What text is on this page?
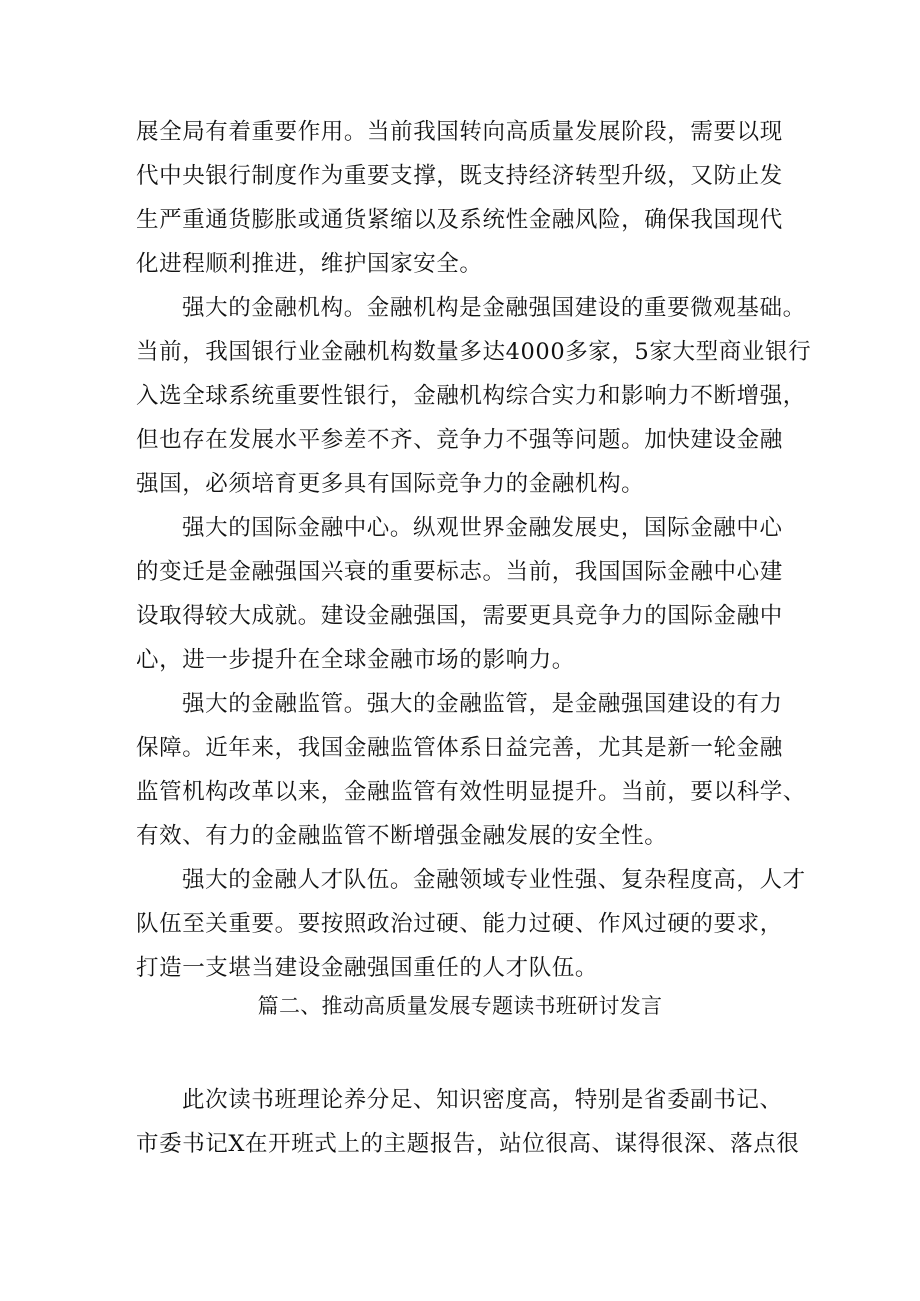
展全局有着重要作用。当前我国转向高质量发展阶段，需要以现
代中央银行制度作为重要支撑，既支持经济转型升级，又防止发
生严重通货膨胀或通货紧缩以及系统性金融风险，确保我国现代
化进程顺利推进，维护国家安全。
强大的金融机构。金融机构是金融强国建设的重要微观基础。
当前，我国银行业金融机构数量多达4000多家，5家大型商业银行
入选全球系统重要性银行，金融机构综合实力和影响力不断增强，
但也存在发展水平参差不齐、竞争力不强等问题。加快建设金融
强国，必须培育更多具有国际竞争力的金融机构。
强大的国际金融中心。纵观世界金融发展史，国际金融中心
的变迁是金融强国兴衰的重要标志。当前，我国国际金融中心建
设取得较大成就。建设金融强国，需要更具竞争力的国际金融中
心，进一步提升在全球金融市场的影响力。
强大的金融监管。强大的金融监管，是金融强国建设的有力
保障。近年来，我国金融监管体系日益完善，尤其是新一轮金融
监管机构改革以来，金融监管有效性明显提升。当前，要以科学、
有效、有力的金融监管不断增强金融发展的安全性。
强大的金融人才队伍。金融领域专业性强、复杂程度高，人才
队伍至关重要。要按照政治过硬、能力过硬、作风过硬的要求，
打造一支堪当建设金融强国重任的人才队伍。
篇二、推动高质量发展专题读书班研讨发言
此次读书班理论养分足、知识密度高，特别是省委副书记、
市委书记X在开班式上的主题报告，站位很高、谋得很深、落点很
